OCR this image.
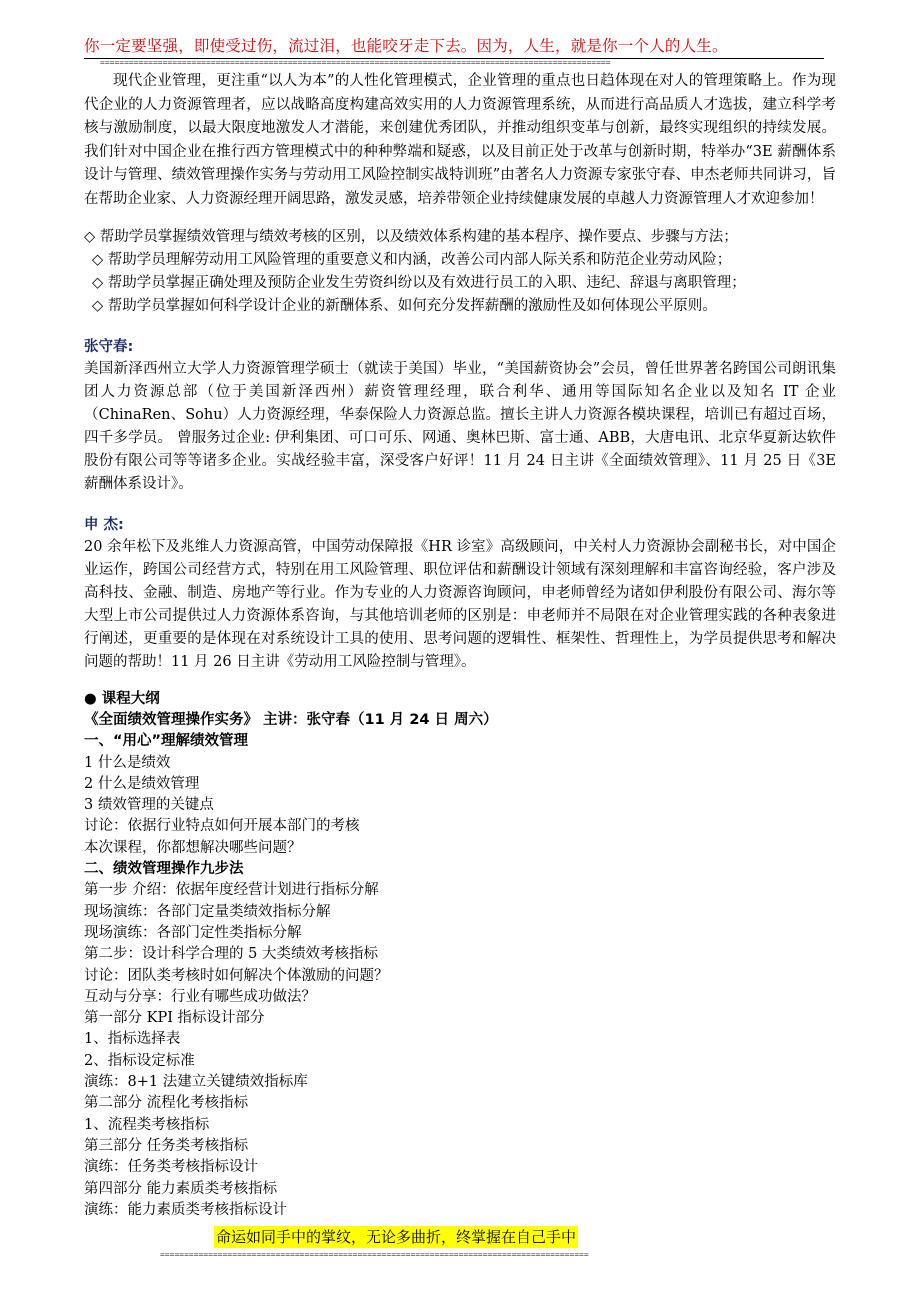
你一定要坚强，即使受过伤，流过泪，也能咬牙走下去。因为，人生，就是你一个人的人生。
==========================================================================================================

现代企业管理，更注重“以人为本”的人性化管理模式，企业管理的重点也日趋体现在对人的管理策略上。作为现代企业的人力资源管理者，应以战略高度构建高效实用的人力资源管理系统，从而进行高品质人才选拔，建立科学考核与激励制度，以最大限度地激发人才潜能，来创建优秀团队，并推动组织变革与创新，最终实现组织的持续发展。我们针对中国企业在推行西方管理模式中的种种弊端和疑惑，以及目前正处于改革与创新时期，特举办“3E 薪酬体系设计与管理、绩效管理操作实务与劳动用工风险控制实战特训班”由著名人力资源专家张守春、申杰老师共同讲习，旨在帮助企业家、人力资源经理开阔思路，激发灵感，培养带领企业持续健康发展的卓越人力资源管理人才欢迎参加！

◇ 帮助学员掌握绩效管理与绩效考核的区别，以及绩效体系构建的基本程序、操作要点、步骤与方法；
◇ 帮助学员理解劳动用工风险管理的重要意义和内涵，改善公司内部人际关系和防范企业劳动风险；
◇ 帮助学员掌握正确处理及预防企业发生劳资纠纷以及有效进行员工的入职、违纪、辞退与离职管理；
◇ 帮助学员掌握如何科学设计企业的新酬体系、如何充分发挥薪酬的激励性及如何体现公平原则。
张守春:

美国新泽西州立大学人力资源管理学硕士（就读于美国）毕业，“美国薪资协会”会员，曾任世界著名跨国公司朗讯集团人力资源总部（位于美国新泽西州）薪资管理经理，联合利华、通用等国际知名企业以及知名 IT 企业（ChinaRen、Sohu）人力资源经理，华泰保险人力资源总监。擅长主讲人力资源各模块课程，培训已有超过百场，四千多学员。 曾服务过企业: 伊利集团、可口可乐、网通、奥林巴斯、富士通、ABB，大唐电讯、北京华夏新达软件股份有限公司等等诸多企业。实战经验丰富，深受客户好评！11 月 24 日主讲《全面绩效管理》、11 月 25 日《3E 薪酬体系设计》。

申 杰:

20 余年松下及兆维人力资源高管，中国劳动保障报《HR 诊室》高级顾问，中关村人力资源协会副秘书长，对中国企业运作，跨国公司经营方式，特别在用工风险管理、职位评估和薪酬设计领域有深刻理解和丰富咨询经验，客户涉及高科技、金融、制造、房地产等行业。作为专业的人力资源咨询顾问，申老师曾经为诸如伊利股份有限公司、海尔等大型上市公司提供过人力资源体系咨询，与其他培训老师的区别是：申老师并不局限在对企业管理实践的各种表象进行阐述，更重要的是体现在对系统设计工具的使用、思考问题的逻辑性、框架性、哲理性上，为学员提供思考和解决问题的帮助！11 月 26 日主讲《劳动用工风险控制与管理》。

● 课程大纲
《全面绩效管理操作实务》 主讲：张守春（11 月 24 日 周六）
一、“用心”理解绩效管理
1 什么是绩效
2 什么是绩效管理
3 绩效管理的关键点
讨论：依据行业特点如何开展本部门的考核
本次课程，你都想解决哪些问题？
二、绩效管理操作九步法
第一步 介绍：依据年度经营计划进行指标分解
现场演练：各部门定量类绩效指标分解
现场演练：各部门定性类指标分解
第二步：设计科学合理的 5 大类绩效考核指标
讨论：团队类考核时如何解决个体激励的问题？
互动与分享：行业有哪些成功做法？
第一部分 KPI 指标设计部分
1、指标选择表
2、指标设定标准
演练：8+1 法建立关键绩效指标库
第二部分 流程化考核指标
1、流程类考核指标
第三部分 任务类考核指标
演练：任务类考核指标设计
第四部分 能力素质类考核指标
演练：能力素质类考核指标设计
命运如同手中的掌纹，无论多曲折，终掌握在自己手中
=========================================================================================
